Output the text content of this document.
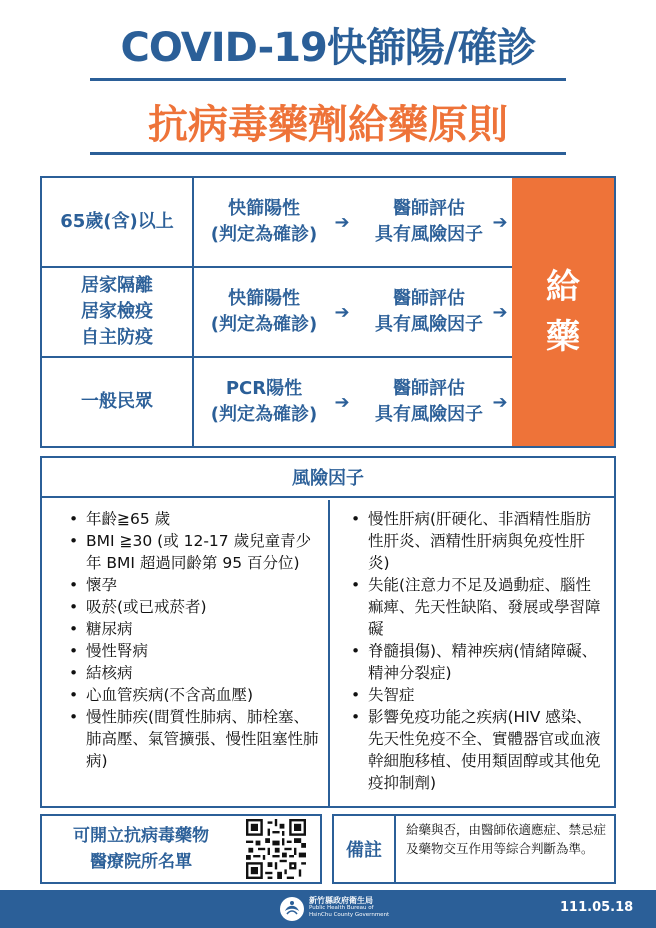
COVID-19快篩陽/確診
抗病毒藥劑給藥原則
65歲(含)以上
快篩陽性
(判定為確診)
➔
醫師評估
具有風險因子
➔
居家隔離
居家檢疫
自主防疫
快篩陽性
(判定為確診)
➔
醫師評估
具有風險因子
➔
一般民眾
PCR陽性
(判定為確診)
➔
醫師評估
具有風險因子
➔
給
藥
風險因子
• 年齡≧65 歲
• BMI ≧30 (或 12-17 歲兒童青少年 BMI 超過同齡第 95 百分位)
• 懷孕
• 吸菸(或已戒菸者)
• 糖尿病
• 慢性腎病
• 結核病
• 心血管疾病(不含高血壓)
• 慢性肺疾(間質性肺病、肺栓塞、肺高壓、氣管擴張、慢性阻塞性肺病)
• 慢性肝病(肝硬化、非酒精性脂肪性肝炎、酒精性肝病與免疫性肝炎)
• 失能(注意力不足及過動症、腦性痲痺、先天性缺陷、發展或學習障礙
• 脊髓損傷)、精神疾病(情緒障礙、精神分裂症)
• 失智症
• 影響免疫功能之疾病(HIV 感染、先天性免疫不全、實體器官或血液幹細胞移植、使用類固醇或其他免疫抑制劑)
可開立抗病毒藥物
醫療院所名單
備註
給藥與否，由醫師依適應症、禁忌症及藥物交互作用等綜合判斷為準。
新竹縣政府衛生局
Public Health Bureau of
HsinChu County Government	111.05.18
